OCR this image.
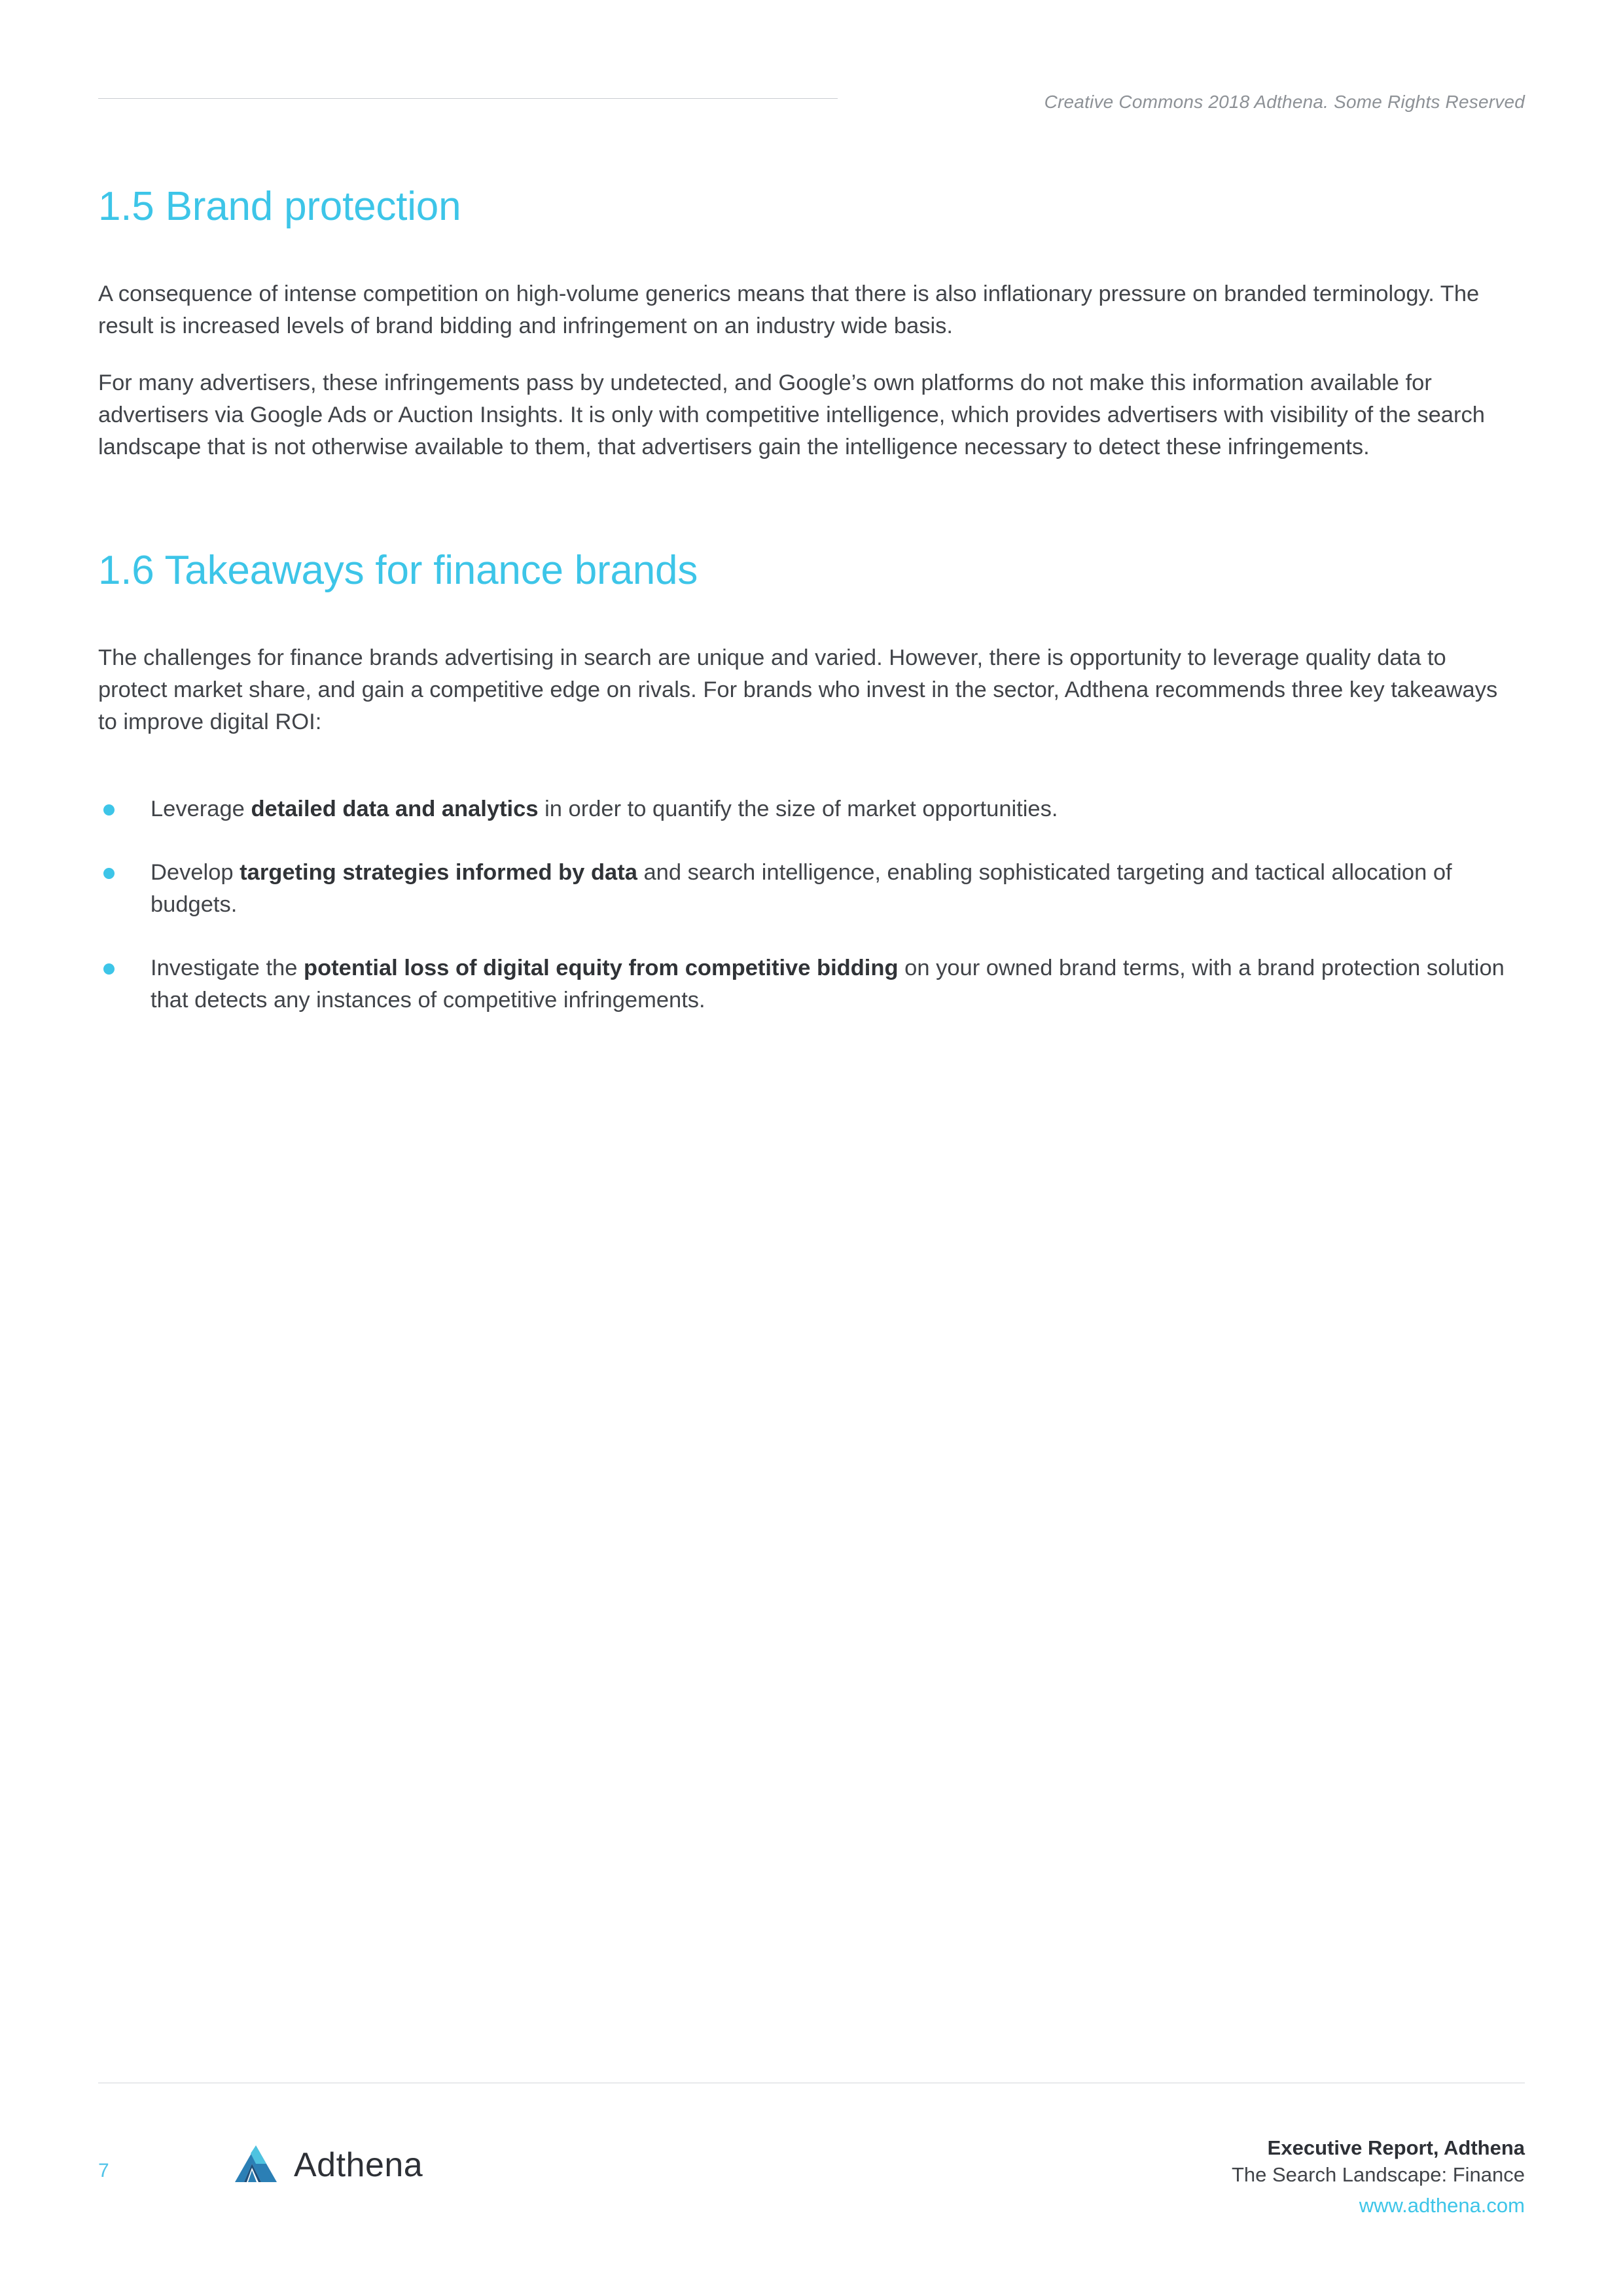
Creative Commons 2018 Adthena. Some Rights Reserved
1.5 Brand protection

A consequence of intense competition on high-volume generics means that there is also inflationary pressure on branded terminology. The result is increased levels of brand bidding and infringement on an industry wide basis.

For many advertisers, these infringements pass by undetected, and Google’s own platforms do not make this information available for advertisers via Google Ads or Auction Insights. It is only with competitive intelligence, which provides advertisers with visibility of the search landscape that is not otherwise available to them, that advertisers gain the intelligence necessary to detect these infringements.

1.6 Takeaways for finance brands

The challenges for finance brands advertising in search are unique and varied. However, there is opportunity to leverage quality data to protect market share, and gain a competitive edge on rivals. For brands who invest in the sector, Adthena recommends three key takeaways to improve digital ROI:

Leverage detailed data and analytics in order to quantify the size of market opportunities.
Develop targeting strategies informed by data and search intelligence, enabling sophisticated targeting and tactical allocation of budgets.
Investigate the potential loss of digital equity from competitive bidding on your owned brand terms, with a brand protection solution that detects any instances of competitive infringements.
7	Adthena	Executive Report, Adthena
The Search Landscape: Finance
www.adthena.com
